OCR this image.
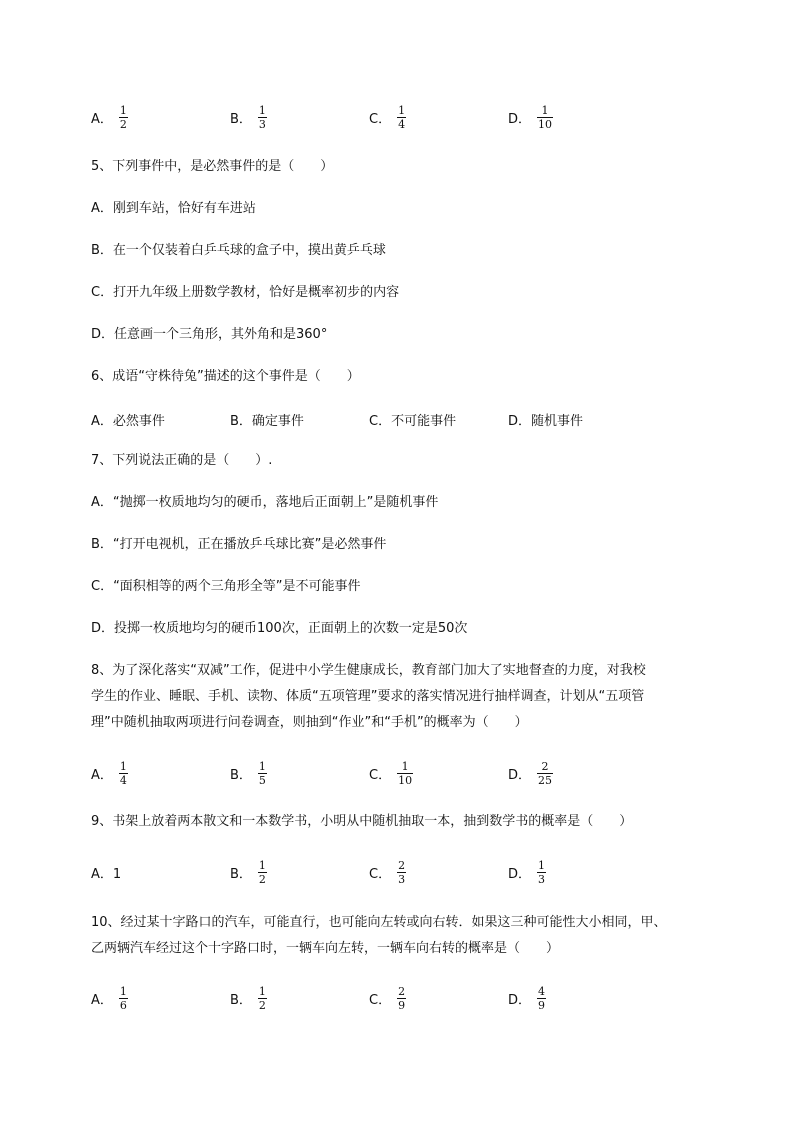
A． $\frac{1}{2}$	B． $\frac{1}{3}$	C． $\frac{1}{4}$	D． $\frac{1}{10}$
5、下列事件中，是必然事件的是（　　）
A．刚到车站，恰好有车进站
B．在一个仅装着白乒乓球的盒子中，摸出黄乒乓球
C．打开九年级上册数学教材，恰好是概率初步的内容
D．任意画一个三角形，其外角和是360°
6、成语“守株待兔”描述的这个事件是（　　）
A．必然事件	B．确定事件	C．不可能事件	D．随机事件
7、下列说法正确的是（　　）.
A．“抛掷一枚质地均匀的硬币，落地后正面朝上”是随机事件
B．“打开电视机，正在播放乒乓球比赛”是必然事件
C．“面积相等的两个三角形全等”是不可能事件
D．投掷一枚质地均匀的硬币100次，正面朝上的次数一定是50次
8、为了深化落实“双减”工作，促进中小学生健康成长，教育部门加大了实地督查的力度，对我校
学生的作业、睡眠、手机、读物、体质“五项管理”要求的落实情况进行抽样调查，计划从“五项管
理”中随机抽取两项进行问卷调查，则抽到“作业”和“手机”的概率为（　　）
A． $\frac{1}{4}$	B． $\frac{1}{5}$	C． $\frac{1}{10}$	D． $\frac{2}{25}$
9、书架上放着两本散文和一本数学书，小明从中随机抽取一本，抽到数学书的概率是（　　）
A．1	B． $\frac{1}{2}$	C． $\frac{2}{3}$	D． $\frac{1}{3}$
10、经过某十字路口的汽车，可能直行，也可能向左转或向右转．如果这三种可能性大小相同，甲、
乙两辆汽车经过这个十字路口时，一辆车向左转，一辆车向右转的概率是（　　）
A． $\frac{1}{6}$	B． $\frac{1}{2}$	C． $\frac{2}{9}$	D． $\frac{4}{9}$
